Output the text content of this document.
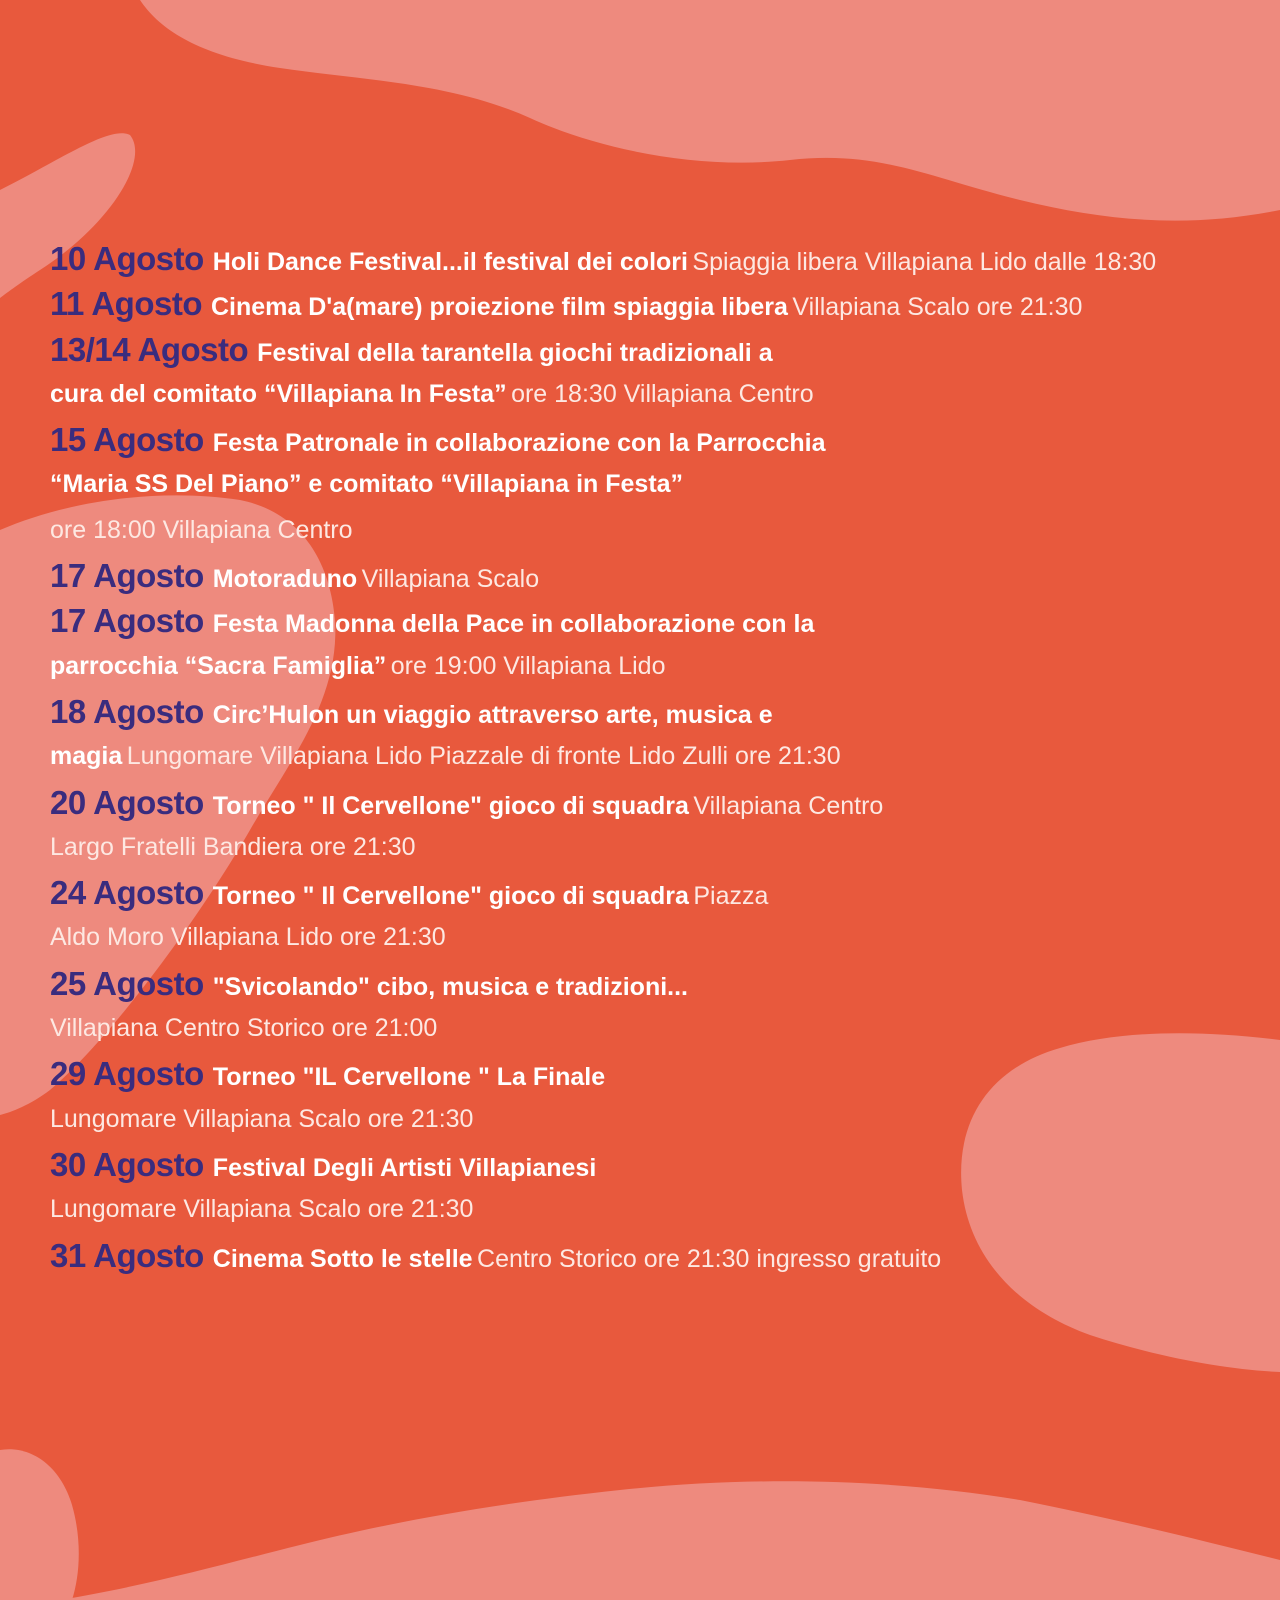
10 Agosto Holi Dance Festival...il festival dei colori Spiaggia libera Villapiana Lido dalle 18:30
11 Agosto Cinema D'a(mare) proiezione film spiaggia libera Villapiana Scalo ore 21:30
13/14 Agosto Festival della tarantella giochi tradizionali a
cura del comitato “Villapiana In Festa” ore 18:30 Villapiana Centro
15 Agosto Festa Patronale in collaborazione con la Parrocchia
“Maria SS Del Piano” e comitato “Villapiana in Festa”
ore 18:00 Villapiana Centro
17 Agosto Motoraduno Villapiana Scalo
17 Agosto Festa Madonna della Pace in collaborazione con la
parrocchia “Sacra Famiglia” ore 19:00 Villapiana Lido
18 Agosto Circ’Hulon un viaggio attraverso arte, musica e
magia Lungomare Villapiana Lido Piazzale di fronte Lido Zulli ore 21:30
20 Agosto Torneo " Il Cervellone" gioco di squadra Villapiana Centro
Largo Fratelli Bandiera ore 21:30
24 Agosto Torneo " Il Cervellone" gioco di squadra Piazza
Aldo Moro Villapiana Lido ore 21:30
25 Agosto "Svicolando" cibo, musica e tradizioni...
Villapiana Centro Storico ore 21:00
29 Agosto Torneo "IL Cervellone " La Finale
Lungomare Villapiana Scalo ore 21:30
30 Agosto Festival Degli Artisti Villapianesi
Lungomare Villapiana Scalo ore 21:30
31 Agosto Cinema Sotto le stelle Centro Storico ore 21:30 ingresso gratuito
